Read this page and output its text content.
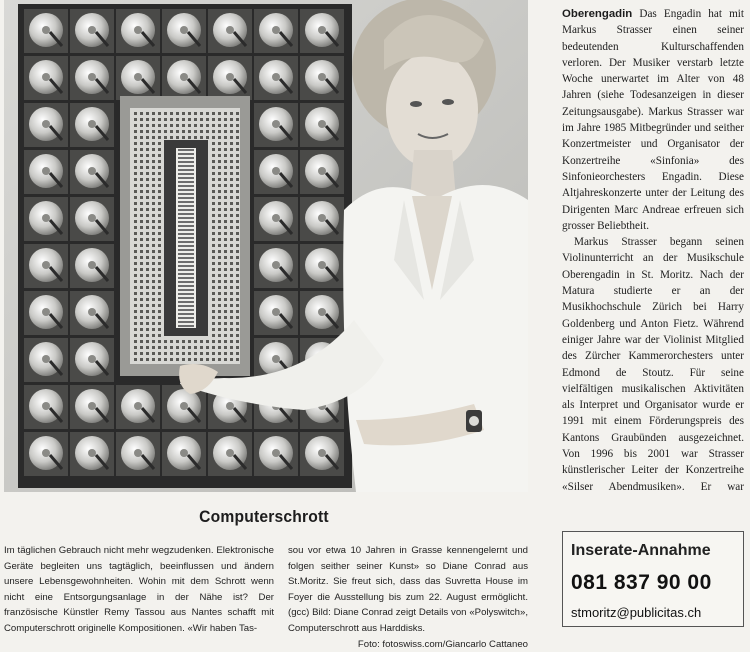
Oberengadin Das Engadin hat mit Markus Strasser einen seiner bedeutenden Kulturschaffenden verloren. Der Musiker verstarb letzte Woche unerwartet im Alter von 48 Jahren (siehe Todesanzeigen in dieser Zeitungsausgabe). Markus Strasser war im Jahre 1985 Mitbegründer und seither Konzertmeister und Organisator der Konzertreihe «Sinfonia» des Sinfonieorchesters Engadin. Diese Altjahreskonzerte unter der Leitung des Dirigenten Marc Andreae erfreuen sich grosser Beliebtheit.

Markus Strasser begann seinen Violinunterricht an der Musikschule Oberengadin in St. Moritz. Nach der Matura studierte er an der Musikhochschule Zürich bei Harry Goldenberg und Anton Fietz. Während einiger Jahre war der Violinist Mitglied des Zürcher Kammerorchesters unter Edmond de Stoutz. Für seine vielfältigen musikalischen Aktivitäten als Interpret und Organisator wurde er 1991 mit einem Förderungspreis des Kantons Graubünden ausgezeichnet. Von 1996 bis 2001 war Strasser künstlerischer Leiter der Konzertreihe «Silser Abendmusiken». Er war

Computerschrott
Im täglichen Gebrauch nicht mehr wegzudenken. Elektronische Geräte begleiten uns tagtäglich, beeinflussen und ändern unsere Lebensgewohnheiten. Wohin mit dem Schrott wenn nicht eine Entsorgungsanlage in der Nähe ist? Der französische Künstler Remy Tassou aus Nantes schafft mit Computerschrott originelle Kompositionen. «Wir haben Tas-
sou vor etwa 10 Jahren in Grasse kennengelernt und folgen seither seiner Kunst» so Diane Conrad aus St.Moritz. Sie freut sich, dass das Suvretta House im Foyer die Ausstellung bis zum 22. August ermöglicht. (gcc) Bild: Diane Conrad zeigt Details von «Polyswitch», Computerschrott aus Harddisks.
Foto: fotoswiss.com/Giancarlo Cattaneo
Inserate-Annahme
081 837 90 00
stmoritz@publicitas.ch
